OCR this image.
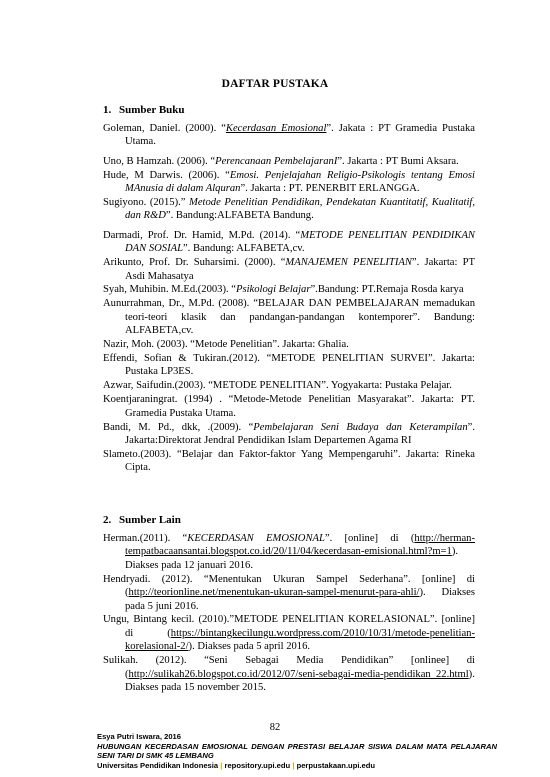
DAFTAR PUSTAKA
1. Sumber Buku
Goleman, Daniel. (2000). “Kecerdasan Emosional”. Jakata : PT Gramedia Pustaka Utama.
Uno, B Hamzah. (2006). “Perencanaan PembelajaranI”. Jakarta : PT Bumi Aksara.
Hude, M Darwis. (2006). “Emosi. Penjelajahan Religio-Psikologis tentang Emosi MAnusia di dalam Alquran”. Jakarta : PT. PENERBIT ERLANGGA.
Sugiyono. (2015).” Metode Penelitian Pendidikan, Pendekatan Kuantitatif, Kualitatif, dan R&D”. Bandung:ALFABETA Bandung.
Darmadi, Prof. Dr. Hamid, M.Pd. (2014). “METODE PENELITIAN PENDIDIKAN DAN SOSIAL”. Bandung: ALFABETA,cv.
Arikunto, Prof. Dr. Suharsimi. (2000). “MANAJEMEN PENELITIAN”. Jakarta: PT Asdi Mahasatya
Syah, Muhibin. M.Ed.(2003). “Psikologi Belajar”.Bandung: PT.Remaja Rosda karya
Aunurrahman, Dr., M.Pd. (2008). “BELAJAR DAN PEMBELAJARAN memadukan teori-teori klasik dan pandangan-pandangan kontemporer”. Bandung: ALFABETA,cv.
Nazir, Moh. (2003). “Metode Penelitian”. Jakarta: Ghalia.
Effendi, Sofian & Tukiran.(2012). “METODE PENELITIAN SURVEI”. Jakarta: Pustaka LP3ES.
Azwar, Saifudin.(2003). “METODE PENELITIAN”. Yogyakarta: Pustaka Pelajar.
Koentjaraningrat. (1994) . “Metode-Metode Penelitian Masyarakat”. Jakarta: PT. Gramedia Pustaka Utama.
Bandi, M. Pd., dkk, .(2009). “Pembelajaran Seni Budaya dan Keterampilan”. Jakarta:Direktorat Jendral Pendidikan Islam Departemen Agama RI
Slameto.(2003). “Belajar dan Faktor-faktor Yang Mempengaruhi”. Jakarta: Rineka Cipta.
2. Sumber Lain
Herman.(2011). “KECERDASAN EMOSIONAL”. [online] di (http://herman-tempatbacaansantai.blogspot.co.id/20/11/04/kecerdasan-emisional.html?m=1). Diakses pada 12 januari 2016.
Hendryadi. (2012). “Menentukan Ukuran Sampel Sederhana”. [online] di (http://teorionline.net/menentukan-ukuran-sampel-menurut-para-ahli/). Diakses pada 5 juni 2016.
Ungu, Bintang kecil. (2010).”METODE PENELITIAN KORELASIONAL”. [online] di (https://bintangkecilungu.wordpress.com/2010/10/31/metode-penelitian-korelasional-2/). Diakses pada 5 april 2016.
Sulikah. (2012). “Seni Sebagai Media Pendidikan” [onlinee] di (http://sulikah26.blogspot.co.id/2012/07/seni-sebagai-media-pendidikan_22.html). Diakses pada 15 november 2015.
82
Esya Putri Iswara, 2016
HUBUNGAN KECERDASAN EMOSIONAL DENGAN PRESTASI BELAJAR SISWA DALAM MATA PELAJARAN SENI TARI DI SMK 45 LEMBANG
Universitas Pendidikan Indonesia | repository.upi.edu | perpustakaan.upi.edu
